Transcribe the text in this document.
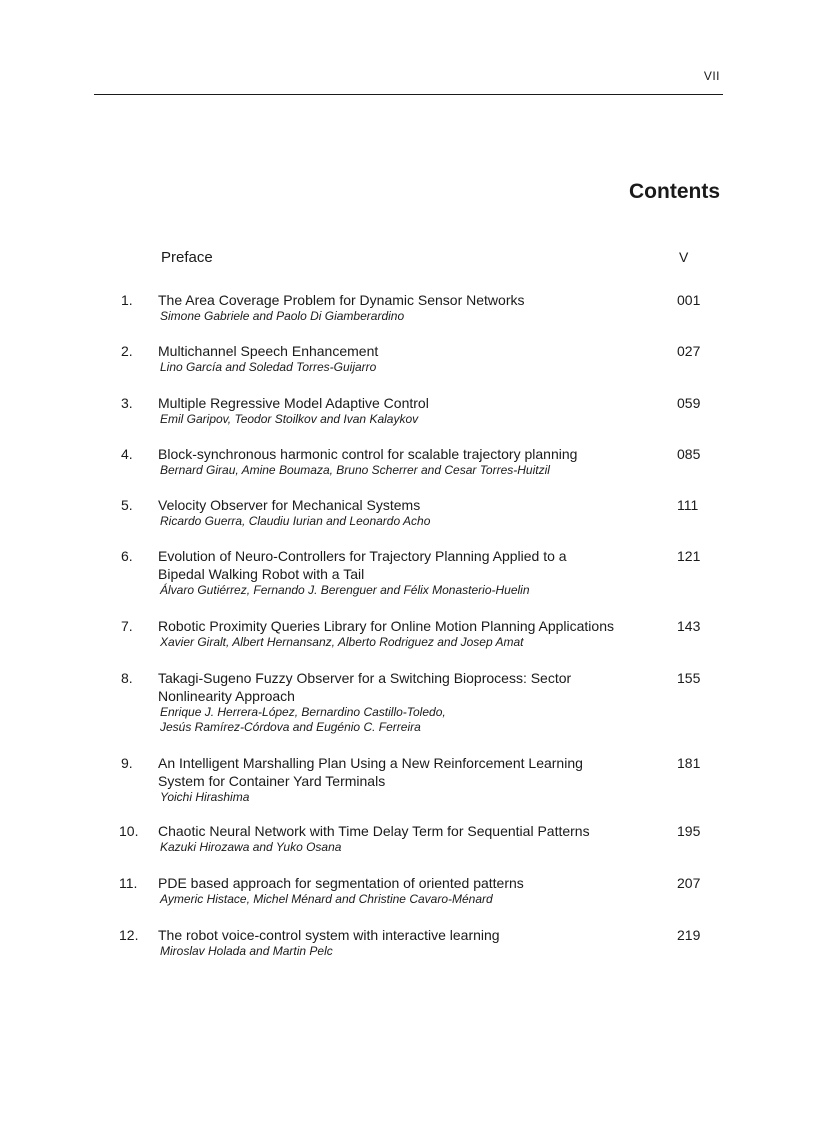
VII
Contents
Preface	V
1. The Area Coverage Problem for Dynamic Sensor Networks
Simone Gabriele and Paolo Di Giamberardino
001
2. Multichannel Speech Enhancement
Lino García and Soledad Torres-Guijarro
027
3. Multiple Regressive Model Adaptive Control
Emil Garipov, Teodor Stoilkov and Ivan Kalaykov
059
4. Block-synchronous harmonic control for scalable trajectory planning
Bernard Girau, Amine Boumaza, Bruno Scherrer and Cesar Torres-Huitzil
085
5. Velocity Observer for Mechanical Systems
Ricardo Guerra, Claudiu Iurian and Leonardo Acho
111
6. Evolution of Neuro-Controllers for Trajectory Planning Applied to a
Bipedal Walking Robot with a Tail
Álvaro Gutiérrez, Fernando J. Berenguer and Félix Monasterio-Huelin
121
7. Robotic Proximity Queries Library for Online Motion Planning Applications
Xavier Giralt, Albert Hernansanz, Alberto Rodriguez and Josep Amat
143
8. Takagi-Sugeno Fuzzy Observer for a Switching Bioprocess: Sector
Nonlinearity Approach
Enrique J. Herrera-López, Bernardino Castillo-Toledo,
Jesús Ramírez-Córdova and Eugénio C. Ferreira
155
9. An Intelligent Marshalling Plan Using a New Reinforcement Learning
System for Container Yard Terminals
Yoichi Hirashima
181
10. Chaotic Neural Network with Time Delay Term for Sequential Patterns
Kazuki Hirozawa and Yuko Osana
195
11. PDE based approach for segmentation of oriented patterns
Aymeric Histace, Michel Ménard and Christine Cavaro-Ménard
207
12. The robot voice-control system with interactive learning
Miroslav Holada and Martin Pelc
219
